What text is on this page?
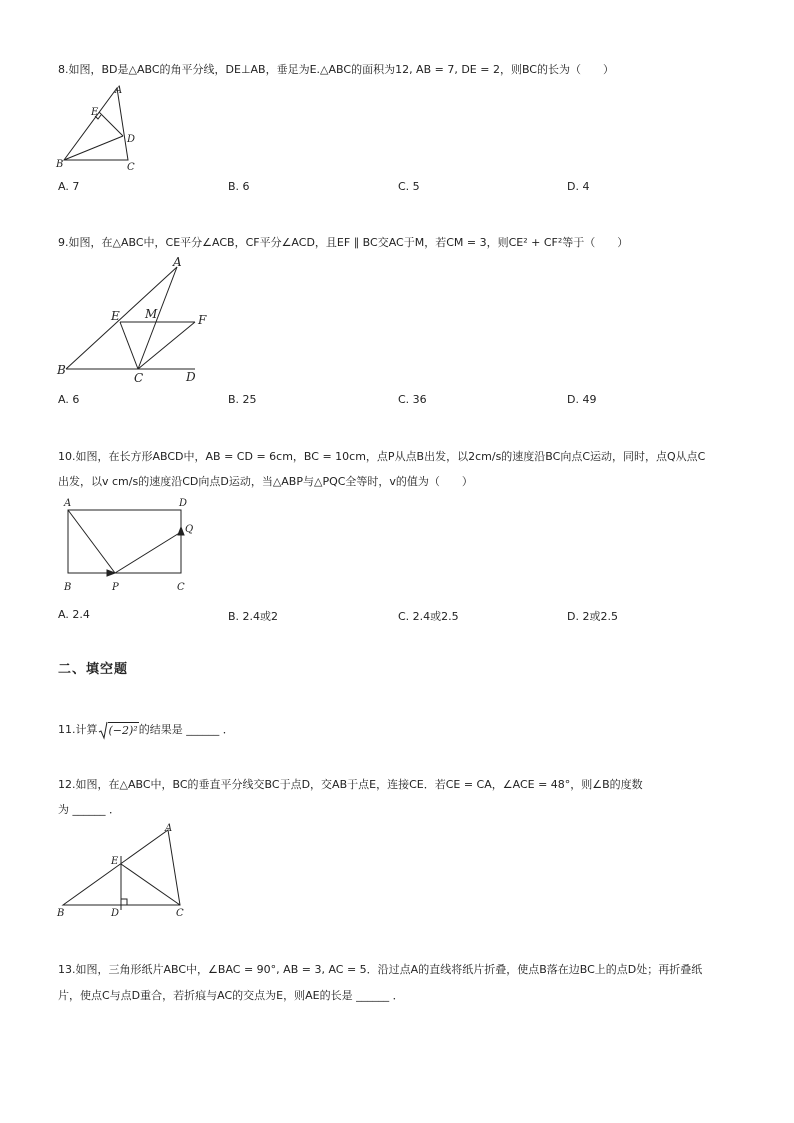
8.如图，BD是△ABC的角平分线，DE⊥AB，垂足为E.△ABC的面积为12, AB = 7, DE = 2，则BC的长为（　　）
A
B	C
D
E
A. 7	B. 6	C. 5	D. 4
9.如图，在△ABC中，CE平分∠ACB，CF平分∠ACD，且EF ∥ BC交AC于M，若CM = 3，则CE² + CF²等于（　　）
A
B
C	D
E	F
M
A. 6	B. 25	C. 36	D. 49
10.如图，在长方形ABCD中，AB = CD = 6cm，BC = 10cm，点P从点B出发，以2cm/s的速度沿BC向点C运动，同时，点Q从点C
出发，以v cm/s的速度沿CD向点D运动，当△ABP与△PQC全等时，v的值为（　　）
A
B	C
D
P
Q
A. 2.4	B. 2.4或2	C. 2.4或2.5	D. 2或2.5
二、填空题
11.计算 (−2)² 的结果是 ______ ．
12.如图，在△ABC中，BC的垂直平分线交BC于点D，交AB于点E，连接CE．若CE = CA，∠ACE = 48°，则∠B的度数
为 ______ ．
A
B	C
D
E
13.如图，三角形纸片ABC中，∠BAC = 90°, AB = 3, AC = 5．沿过点A的直线将纸片折叠，使点B落在边BC上的点D处；再折叠纸
片，使点C与点D重合，若折痕与AC的交点为E，则AE的长是 ______ ．
